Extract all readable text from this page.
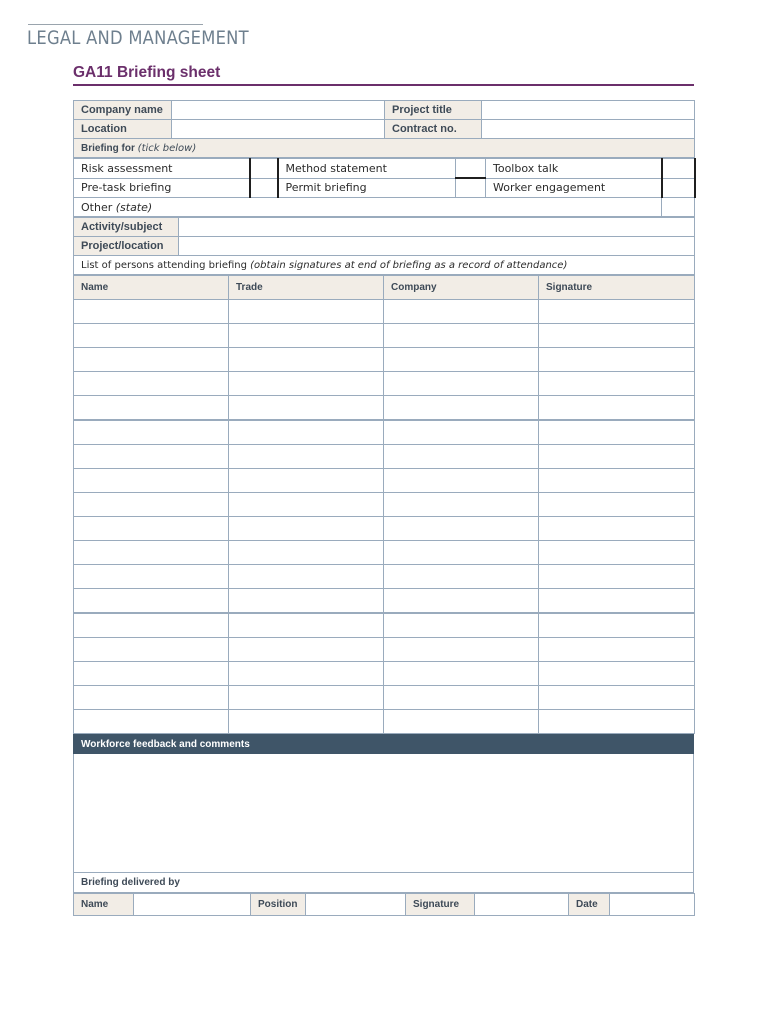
LEGAL AND MANAGEMENT
GA11 Briefing sheet
Company name		Project title	
Location		Contract no.	
Briefing for (tick below)			
Risk assessment		Method statement		Toolbox talk	
Pre-task briefing		Permit briefing		Worker engagement	
Other (state)					
Activity/subject	
Project/location	
List of persons attending briefing (obtain signatures at end of briefing as a record of attendance)	
Name	Trade	Company	Signature

Workforce feedback and comments

Briefing delivered by
Name		Position		Signature		Date	
